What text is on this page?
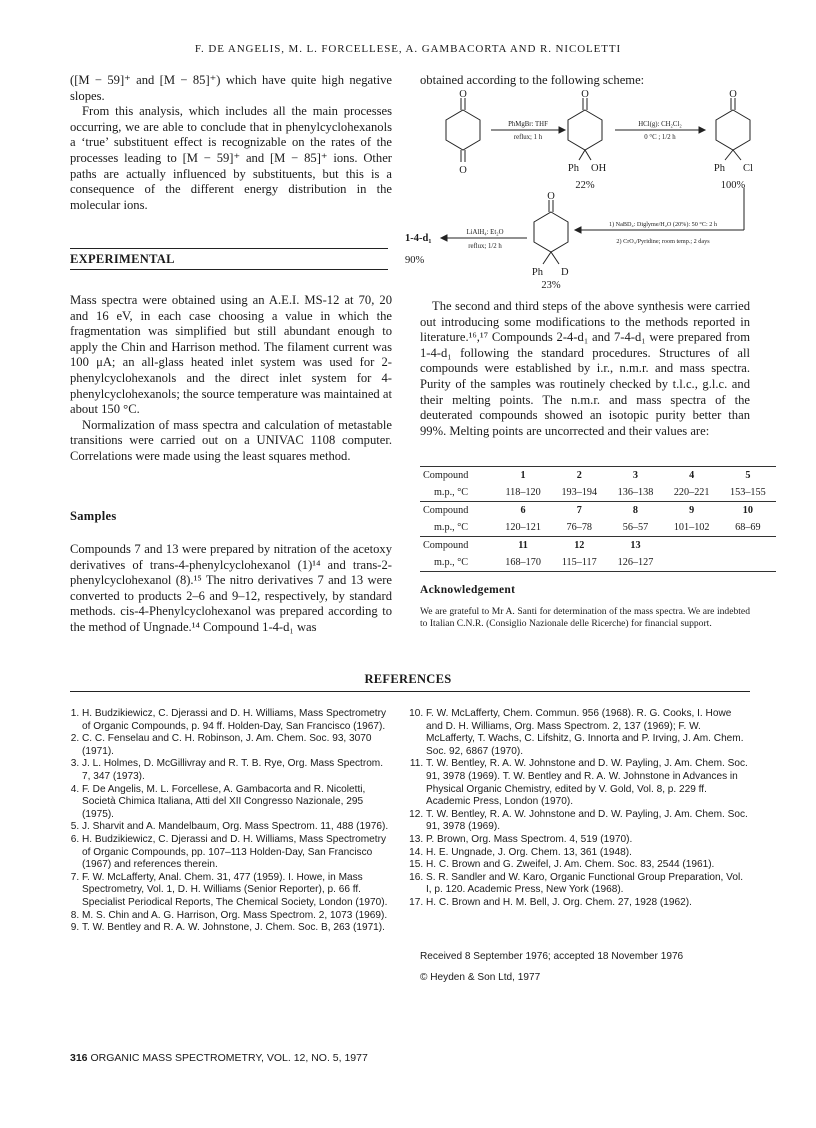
F. DE ANGELIS, M. L. FORCELLESE, A. GAMBACORTA AND R. NICOLETTI

([M − 59]⁺ and [M − 85]⁺) which have quite high negative slopes.

From this analysis, which includes all the main processes occurring, we are able to conclude that in phenylcyclohexanols a ‘true’ substituent effect is recognizable on the rates of the processes leading to [M − 59]⁺ and [M − 85]⁺ ions. Other paths are actually influenced by substituents, but this is a consequence of the different energy distribution in the molecular ions.

EXPERIMENTAL

Mass spectra were obtained using an A.E.I. MS-12 at 70, 20 and 16 eV, in each case choosing a value in which the fragmentation was simplified but still abundant enough to apply the Chin and Harrison method. The filament current was 100 μA; an all-glass heated inlet system was used for 2-phenylcyclohexanols and the direct inlet system for 4-phenylcyclohexanols; the source temperature was maintained at about 150 °C.

Normalization of mass spectra and calculation of metastable transitions were carried out on a UNIVAC 1108 computer. Correlations were made using the least squares method.

Samples

Compounds 7 and 13 were prepared by nitration of the acetoxy derivatives of trans-4-phenylcyclohexanol (1)¹⁴ and trans-2-phenylcyclohexanol (8).¹⁵ The nitro derivatives 7 and 13 were converted to products 2–6 and 9–12, respectively, by standard methods. cis-4-Phenylcyclohexanol was prepared according to the method of Ungnade.¹⁴ Compound 1-4-d₁ was

obtained according to the following scheme:
O
O
O
Ph OH
22%
O
Ph Cl
100%
O
Ph D
23%
1-4-d₁
90%
PhMgBr: THF
reflux; 1 h
HCl(g): CH₂Cl₂
0 °C ; 1/2 h
1) NaBD₄: Diglyme/H₂O (20%): 50 °C: 2 h
2) CrO₃/Pyridine; room temp.; 2 days
LiAlH₄: Et₂O
reflux; 1/2 h

The second and third steps of the above synthesis were carried out introducing some modifications to the methods reported in literature.¹⁶,¹⁷ Compounds 2-4-d₁ and 7-4-d₁ were prepared from 1-4-d₁ following the standard procedures. Structures of all compounds were established by i.r., n.m.r. and mass spectra. Purity of the samples was routinely checked by t.l.c., g.l.c. and their melting points. The n.m.r. and mass spectra of the deuterated compounds showed an isotopic purity better than 99%. Melting points are uncorrected and their values are:

Compound	1	2	3	4	5
m.p., °C	118–120	193–194	136–138	220–221	153–155
Compound	6	7	8	9	10
m.p., °C	120–121	76–78	56–57	101–102	68–69
Compound	11	12	13		
m.p., °C	168–170	115–117	126–127		
Acknowledgement

We are grateful to Mr A. Santi for determination of the mass spectra. We are indebted to Italian C.N.R. (Consiglio Nazionale delle Ricerche) for financial support.

REFERENCES
1. H. Budzikiewicz, C. Djerassi and D. H. Williams, Mass Spectrometry of Organic Compounds, p. 94 ff. Holden-Day, San Francisco (1967).
2. C. C. Fenselau and C. H. Robinson, J. Am. Chem. Soc. 93, 3070 (1971).
3. J. L. Holmes, D. McGillivray and R. T. B. Rye, Org. Mass Spectrom. 7, 347 (1973).
4. F. De Angelis, M. L. Forcellese, A. Gambacorta and R. Nicoletti, Società Chimica Italiana, Atti del XII Congresso Nazionale, 295 (1975).
5. J. Sharvit and A. Mandelbaum, Org. Mass Spectrom. 11, 488 (1976).
6. H. Budzikiewicz, C. Djerassi and D. H. Williams, Mass Spectrometry of Organic Compounds, pp. 107–113 Holden-Day, San Francisco (1967) and references therein.
7. F. W. McLafferty, Anal. Chem. 31, 477 (1959). I. Howe, in Mass Spectrometry, Vol. 1, D. H. Williams (Senior Reporter), p. 66 ff. Specialist Periodical Reports, The Chemical Society, London (1970).
8. M. S. Chin and A. G. Harrison, Org. Mass Spectrom. 2, 1073 (1969).
9. T. W. Bentley and R. A. W. Johnstone, J. Chem. Soc. B, 263 (1971).
10. F. W. McLafferty, Chem. Commun. 956 (1968). R. G. Cooks, I. Howe and D. H. Williams, Org. Mass Spectrom. 2, 137 (1969); F. W. McLafferty, T. Wachs, C. Lifshitz, G. Innorta and P. Irving, J. Am. Chem. Soc. 92, 6867 (1970).
11. T. W. Bentley, R. A. W. Johnstone and D. W. Payling, J. Am. Chem. Soc. 91, 3978 (1969). T. W. Bentley and R. A. W. Johnstone in Advances in Physical Organic Chemistry, edited by V. Gold, Vol. 8, p. 229 ff. Academic Press, London (1970).
12. T. W. Bentley, R. A. W. Johnstone and D. W. Payling, J. Am. Chem. Soc. 91, 3978 (1969).
13. P. Brown, Org. Mass Spectrom. 4, 519 (1970).
14. H. E. Ungnade, J. Org. Chem. 13, 361 (1948).
15. H. C. Brown and G. Zweifel, J. Am. Chem. Soc. 83, 2544 (1961).
16. S. R. Sandler and W. Karo, Organic Functional Group Preparation, Vol. I, p. 120. Academic Press, New York (1968).
17. H. C. Brown and H. M. Bell, J. Org. Chem. 27, 1928 (1962).
Received 8 September 1976; accepted 18 November 1976
© Heyden & Son Ltd, 1977
316 ORGANIC MASS SPECTROMETRY, VOL. 12, NO. 5, 1977
